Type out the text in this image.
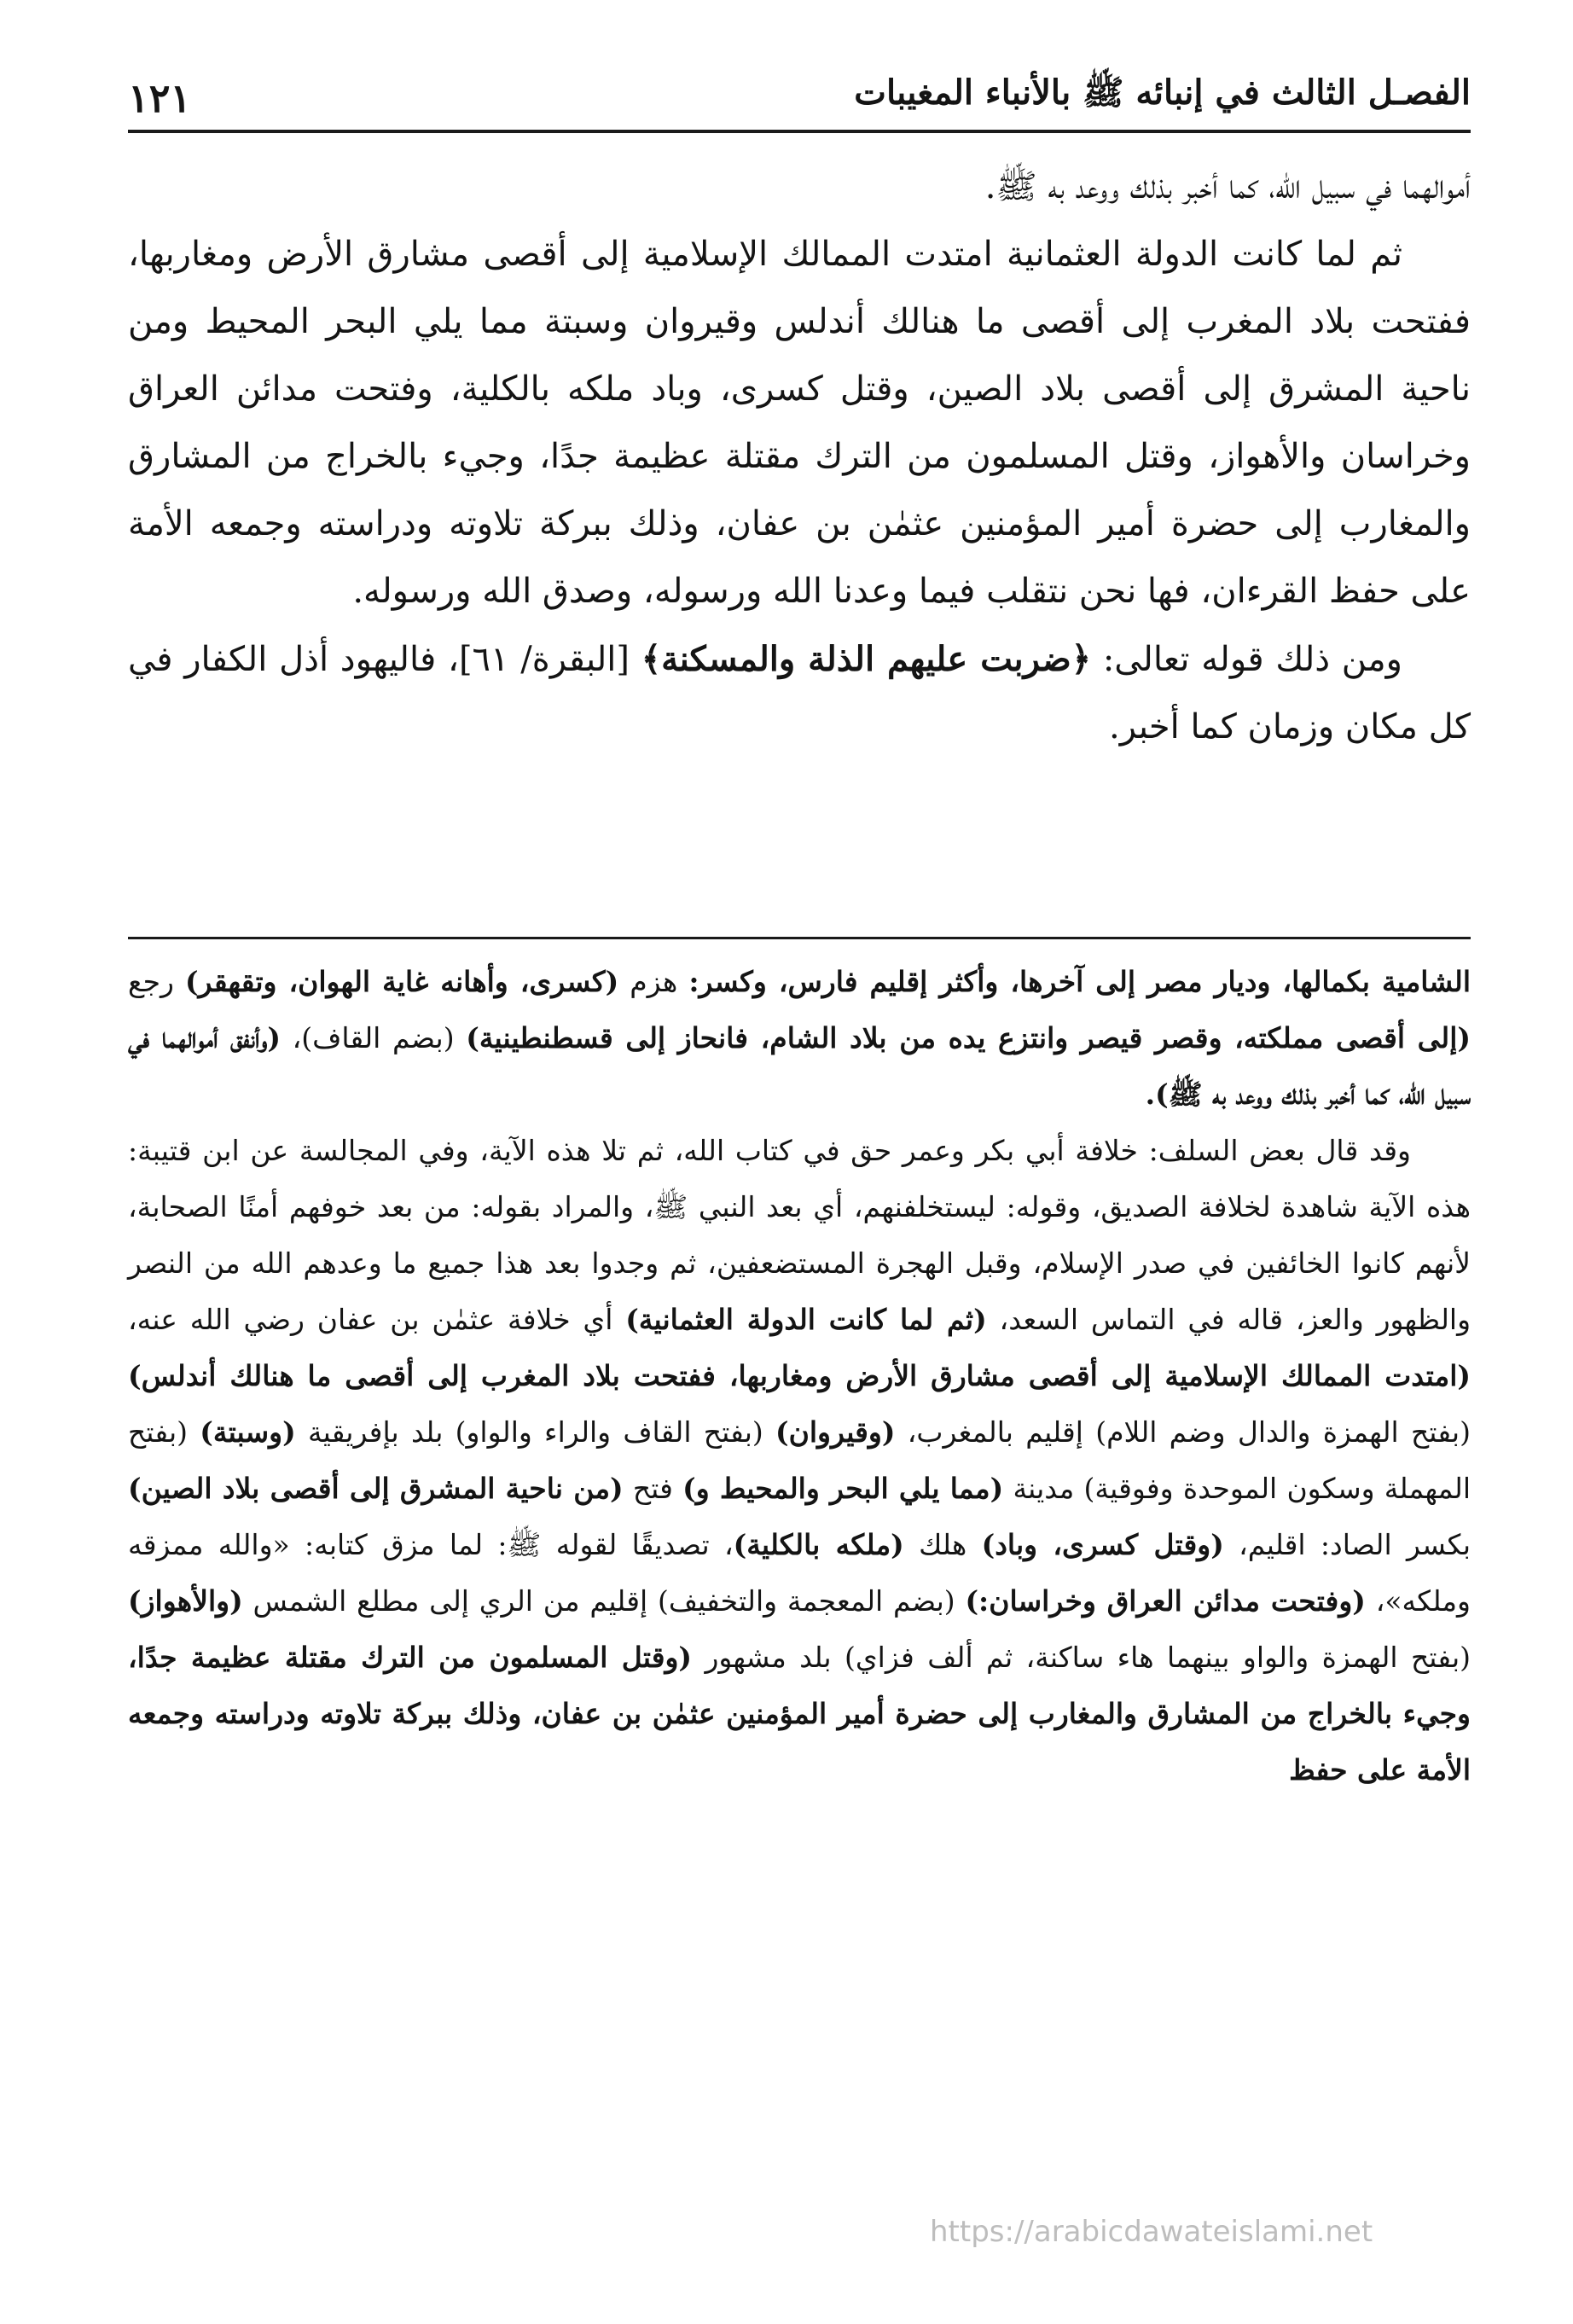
الفصـل الثالث في إنبائه ﷺ بالأنباء المغيبات
١٢١

أموالهما في سبيل الله، كما أخبر بذلك ووعد به ﷺ.

ثم لما كانت الدولة العثمانية امتدت الممالك الإسلامية إلى أقصى مشارق الأرض ومغاربها، ففتحت بلاد المغرب إلى أقصى ما هنالك أندلس وقيروان وسبتة مما يلي البحر المحيط ومن ناحية المشرق إلى أقصى بلاد الصين، وقتل كسرى، وباد ملكه بالكلية، وفتحت مدائن العراق وخراسان والأهواز، وقتل المسلمون من الترك مقتلة عظيمة جدًا، وجيء بالخراج من المشارق والمغارب إلى حضرة أمير المؤمنين عثمٰن بن عفان، وذلك ببركة تلاوته ودراسته وجمعه الأمة على حفظ القرءان، فها نحن نتقلب فيما وعدنا الله ورسوله، وصدق الله ورسوله.

ومن ذلك قوله تعالى: ﴿ضربت عليهم الذلة والمسكنة﴾ [البقرة/ ٦١]، فاليهود أذل الكفار في كل مكان وزمان كما أخبر.

الشامية بكمالها، وديار مصر إلى آخرها، وأكثر إقليم فارس، وكسر: هزم (كسرى، وأهانه غاية الهوان، وتقهقر) رجع (إلى أقصى مملكته، وقصر قيصر وانتزع يده من بلاد الشام، فانحاز إلى قسطنطينية) (بضم القاف)، (وأنفق أموالهما في سبيل الله، كما أخبر بذلك ووعد به ﷺ).

وقد قال بعض السلف: خلافة أبي بكر وعمر حق في كتاب الله، ثم تلا هذه الآية، وفي المجالسة عن ابن قتيبة: هذه الآية شاهدة لخلافة الصديق، وقوله: ليستخلفنهم، أي بعد النبي ﷺ، والمراد بقوله: من بعد خوفهم أمنًا الصحابة، لأنهم كانوا الخائفين في صدر الإسلام، وقبل الهجرة المستضعفين، ثم وجدوا بعد هذا جميع ما وعدهم الله من النصر والظهور والعز، قاله في التماس السعد، (ثم لما كانت الدولة العثمانية) أي خلافة عثمٰن بن عفان رضي الله عنه، (امتدت الممالك الإسلامية إلى أقصى مشارق الأرض ومغاربها، ففتحت بلاد المغرب إلى أقصى ما هنالك أندلس) (بفتح الهمزة والدال وضم اللام) إقليم بالمغرب، (وقيروان) (بفتح القاف والراء والواو) بلد بإفريقية (وسبتة) (بفتح المهملة وسكون الموحدة وفوقية) مدينة (مما يلي البحر والمحيط و) فتح (من ناحية المشرق إلى أقصى بلاد الصين) بكسر الصاد: اقليم، (وقتل كسرى، وباد) هلك (ملكه بالكلية)، تصديقًا لقوله ﷺ: لما مزق كتابه: «والله ممزقه وملكه»، (وفتحت مدائن العراق وخراسان:) (بضم المعجمة والتخفيف) إقليم من الري إلى مطلع الشمس (والأهواز) (بفتح الهمزة والواو بينهما هاء ساكنة، ثم ألف فزاي) بلد مشهور (وقتل المسلمون من الترك مقتلة عظيمة جدًا، وجيء بالخراج من المشارق والمغارب إلى حضرة أمير المؤمنين عثمٰن بن عفان، وذلك ببركة تلاوته ودراسته وجمعه الأمة على حفظ

https://arabicdawateislami.net
